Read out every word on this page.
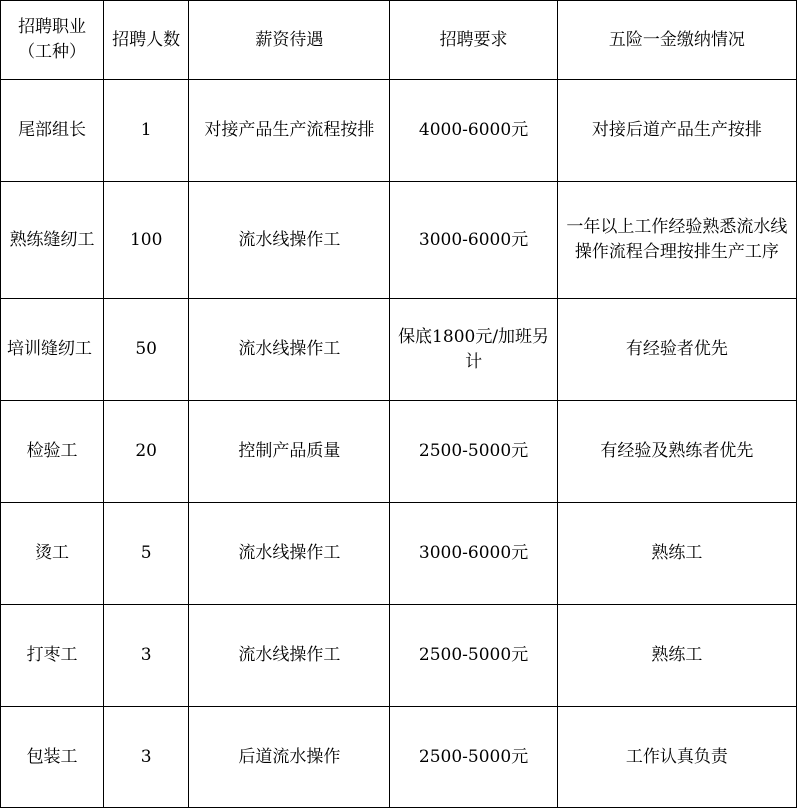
招聘职业（工种）	招聘人数	薪资待遇	招聘要求	五险一金缴纳情况
尾部组长	1	对接产品生产流程按排	4000-6000元	对接后道产品生产按排
熟练缝纫工	100	流水线操作工	3000-6000元	一年以上工作经验熟悉流水线操作流程合理按排生产工序
培训缝纫工	50	流水线操作工	保底1800元/加班另计	有经验者优先
检验工	20	控制产品质量	2500-5000元	有经验及熟练者优先
烫工	5	流水线操作工	3000-6000元	熟练工
打枣工	3	流水线操作工	2500-5000元	熟练工
包装工	3	后道流水操作	2500-5000元	工作认真负责
